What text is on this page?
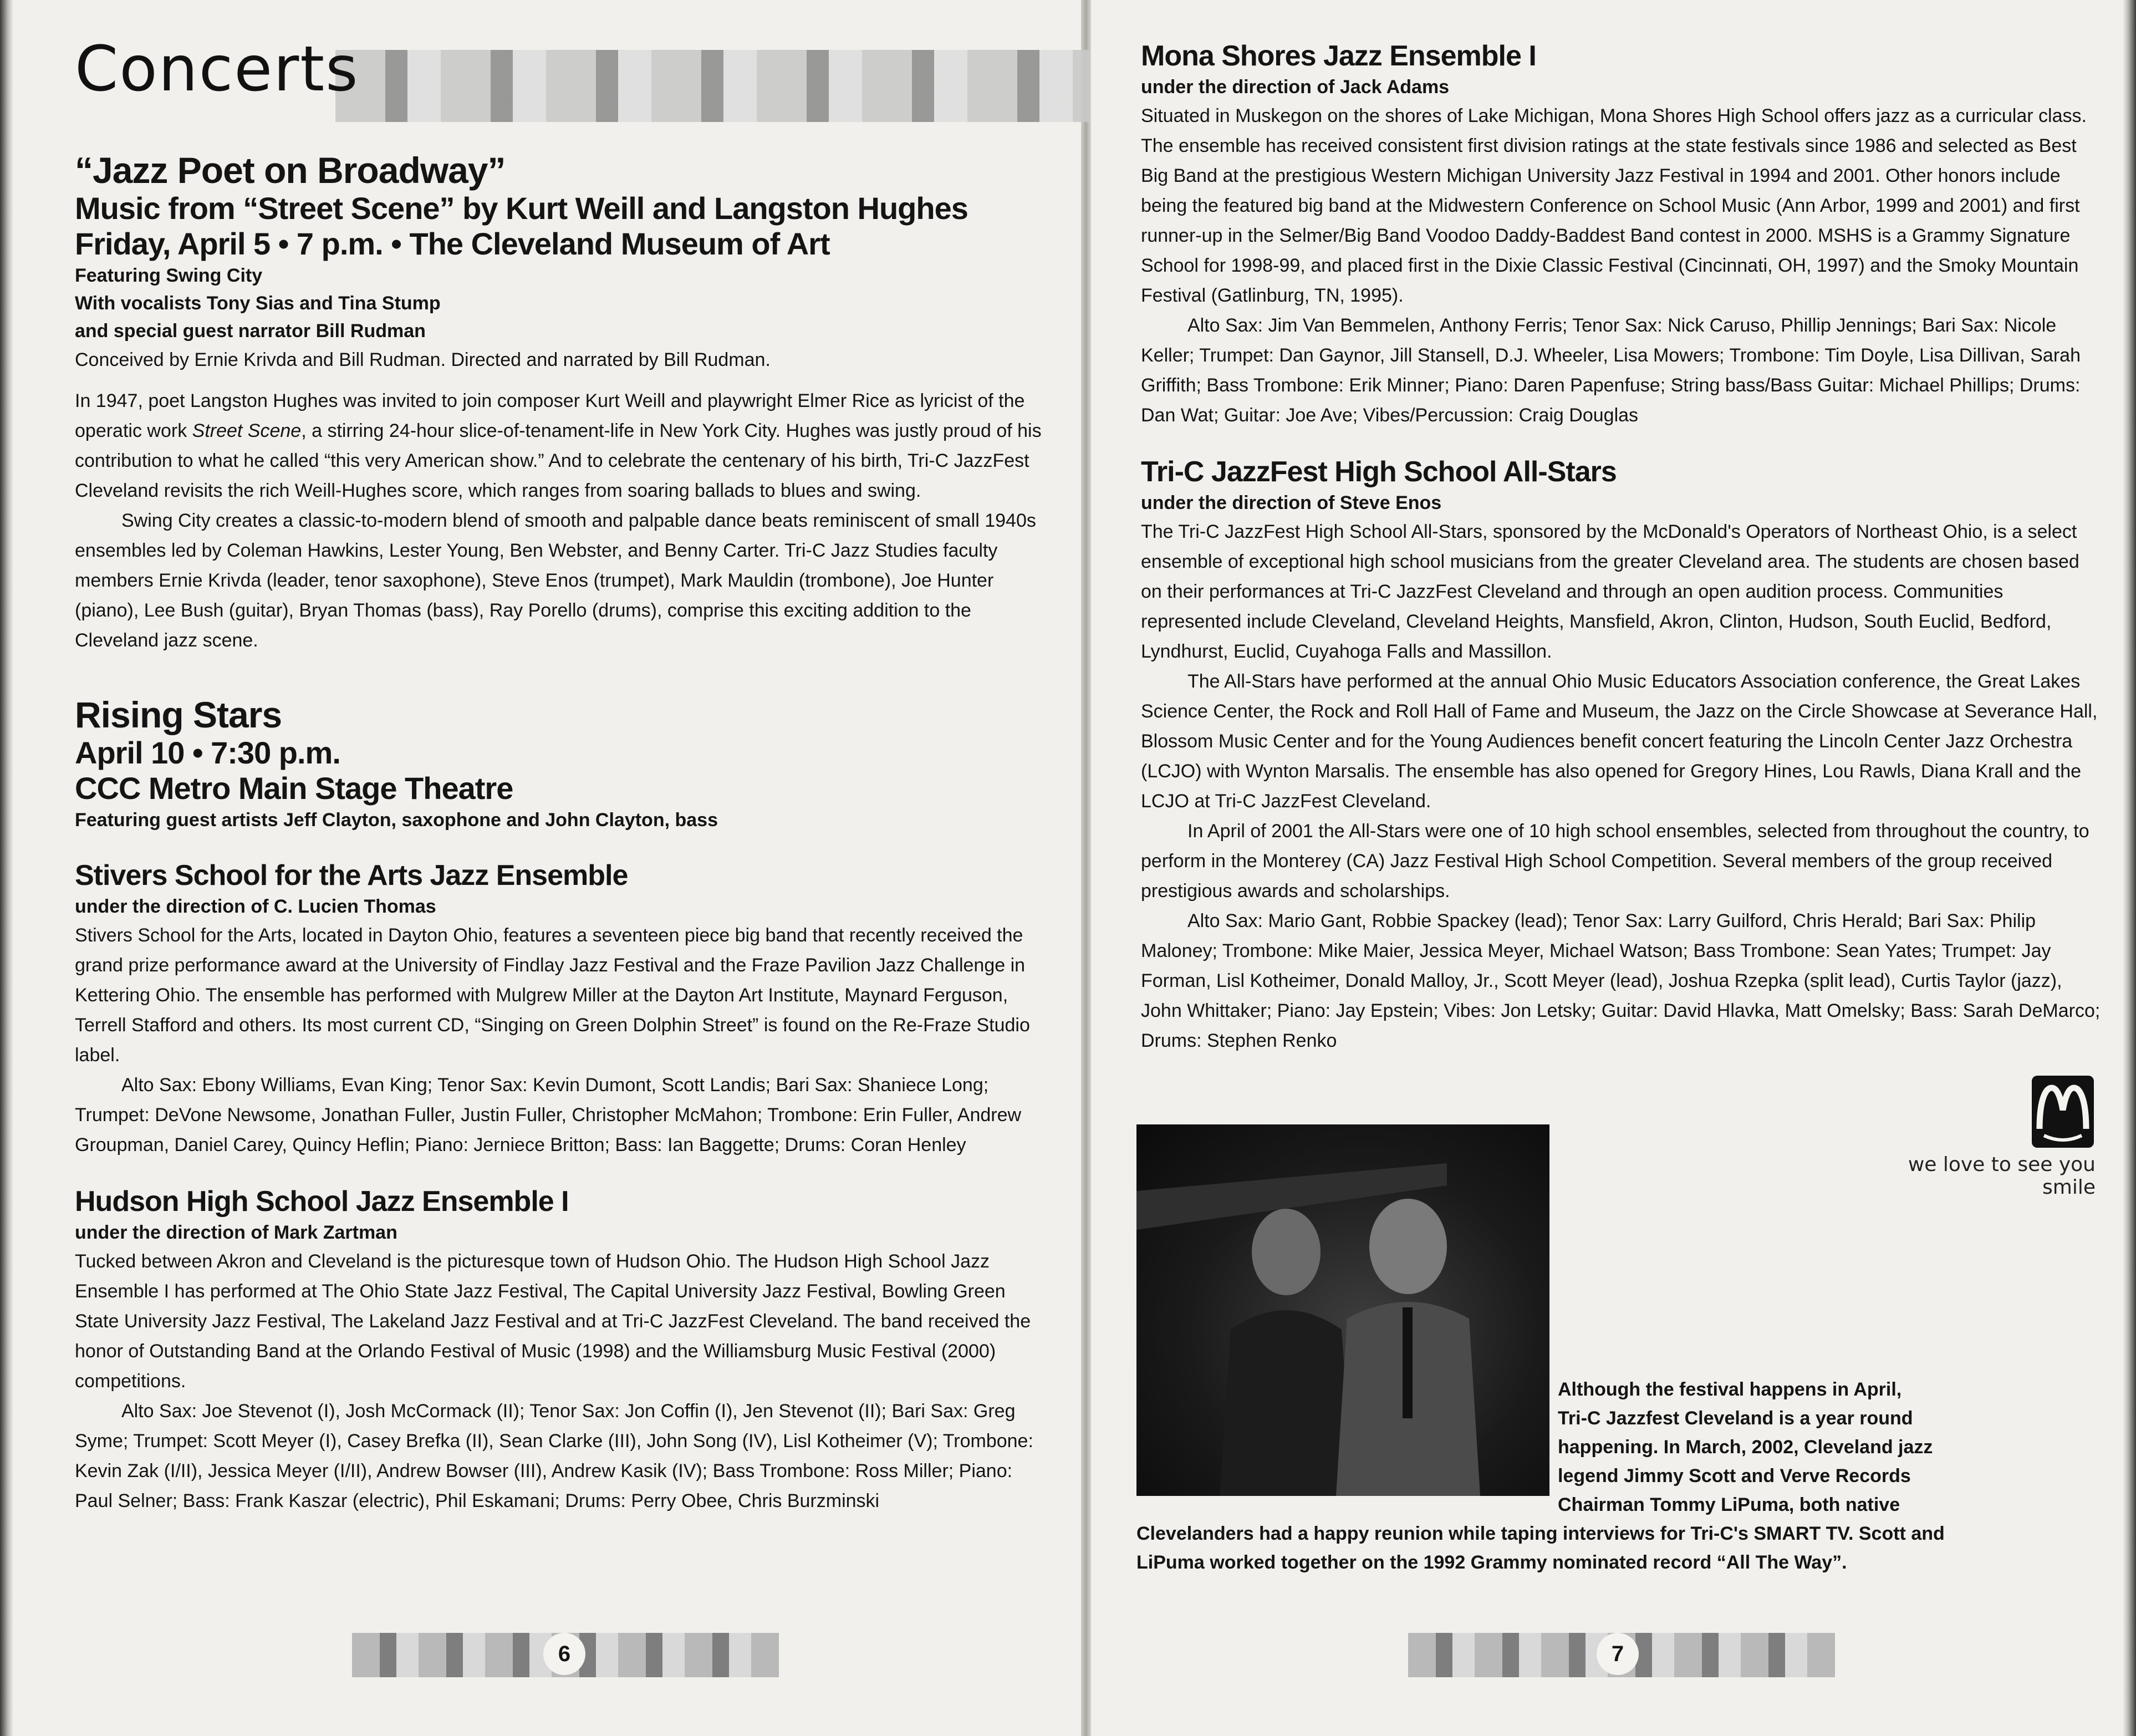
Concerts
“Jazz Poet on Broadway”
Music from “Street Scene” by Kurt Weill and Langston Hughes
Friday, April 5 • 7 p.m. • The Cleveland Museum of Art

Featuring Swing City

With vocalists Tony Sias and Tina Stump

and special guest narrator Bill Rudman

Conceived by Ernie Krivda and Bill Rudman. Directed and narrated by Bill Rudman.

In 1947, poet Langston Hughes was invited to join composer Kurt Weill and playwright Elmer Rice as lyricist of the operatic work Street Scene, a stirring 24-hour slice-of-tenament-life in New York City. Hughes was justly proud of his contribution to what he called “this very American show.” And to celebrate the centenary of his birth, Tri-C JazzFest Cleveland revisits the rich Weill-Hughes score, which ranges from soaring ballads to blues and swing.

Swing City creates a classic-to-modern blend of smooth and palpable dance beats reminiscent of small 1940s ensembles led by Coleman Hawkins, Lester Young, Ben Webster, and Benny Carter. Tri-C Jazz Studies faculty members Ernie Krivda (leader, tenor saxophone), Steve Enos (trumpet), Mark Mauldin (trombone), Joe Hunter (piano), Lee Bush (guitar), Bryan Thomas (bass), Ray Porello (drums), comprise this exciting addition to the Cleveland jazz scene.

Rising Stars
April 10 • 7:30 p.m.
CCC Metro Main Stage Theatre

Featuring guest artists Jeff Clayton, saxophone and John Clayton, bass

Stivers School for the Arts Jazz Ensemble

under the direction of C. Lucien Thomas

Stivers School for the Arts, located in Dayton Ohio, features a seventeen piece big band that recently received the grand prize performance award at the University of Findlay Jazz Festival and the Fraze Pavilion Jazz Challenge in Kettering Ohio. The ensemble has performed with Mulgrew Miller at the Dayton Art Institute, Maynard Ferguson, Terrell Stafford and others. Its most current CD, “Singing on Green Dolphin Street” is found on the Re-Fraze Studio label.

Alto Sax: Ebony Williams, Evan King; Tenor Sax: Kevin Dumont, Scott Landis; Bari Sax: Shaniece Long; Trumpet: DeVone Newsome, Jonathan Fuller, Justin Fuller, Christopher McMahon; Trombone: Erin Fuller, Andrew Groupman, Daniel Carey, Quincy Heflin; Piano: Jerniece Britton; Bass: Ian Baggette; Drums: Coran Henley

Hudson High School Jazz Ensemble I

under the direction of Mark Zartman

Tucked between Akron and Cleveland is the picturesque town of Hudson Ohio. The Hudson High School Jazz Ensemble I has performed at The Ohio State Jazz Festival, The Capital University Jazz Festival, Bowling Green State University Jazz Festival, The Lakeland Jazz Festival and at Tri-C JazzFest Cleveland. The band received the honor of Outstanding Band at the Orlando Festival of Music (1998) and the Williamsburg Music Festival (2000) competitions.

Alto Sax: Joe Stevenot (I), Josh McCormack (II); Tenor Sax: Jon Coffin (I), Jen Stevenot (II); Bari Sax: Greg Syme; Trumpet: Scott Meyer (I), Casey Brefka (II), Sean Clarke (III), John Song (IV), Lisl Kotheimer (V); Trombone: Kevin Zak (I/II), Jessica Meyer (I/II), Andrew Bowser (III), Andrew Kasik (IV); Bass Trombone: Ross Miller; Piano: Paul Selner; Bass: Frank Kaszar (electric), Phil Eskamani; Drums: Perry Obee, Chris Burzminski

6
Mona Shores Jazz Ensemble I

under the direction of Jack Adams

Situated in Muskegon on the shores of Lake Michigan, Mona Shores High School offers jazz as a curricular class. The ensemble has received consistent first division ratings at the state festivals since 1986 and selected as Best Big Band at the prestigious Western Michigan University Jazz Festival in 1994 and 2001. Other honors include being the featured big band at the Midwestern Conference on School Music (Ann Arbor, 1999 and 2001) and first runner-up in the Selmer/Big Band Voodoo Daddy-Baddest Band contest in 2000. MSHS is a Grammy Signature School for 1998-99, and placed first in the Dixie Classic Festival (Cincinnati, OH, 1997) and the Smoky Mountain Festival (Gatlinburg, TN, 1995).

Alto Sax: Jim Van Bemmelen, Anthony Ferris; Tenor Sax: Nick Caruso, Phillip Jennings; Bari Sax: Nicole Keller; Trumpet: Dan Gaynor, Jill Stansell, D.J. Wheeler, Lisa Mowers; Trombone: Tim Doyle, Lisa Dillivan, Sarah Griffith; Bass Trombone: Erik Minner; Piano: Daren Papenfuse; String bass/Bass Guitar: Michael Phillips; Drums: Dan Wat; Guitar: Joe Ave; Vibes/Percussion: Craig Douglas

Tri-C JazzFest High School All-Stars

under the direction of Steve Enos

The Tri-C JazzFest High School All-Stars, sponsored by the McDonald's Operators of Northeast Ohio, is a select ensemble of exceptional high school musicians from the greater Cleveland area. The students are chosen based on their performances at Tri-C JazzFest Cleveland and through an open audition process. Communities represented include Cleveland, Cleveland Heights, Mansfield, Akron, Clinton, Hudson, South Euclid, Bedford, Lyndhurst, Euclid, Cuyahoga Falls and Massillon.

The All-Stars have performed at the annual Ohio Music Educators Association conference, the Great Lakes Science Center, the Rock and Roll Hall of Fame and Museum, the Jazz on the Circle Showcase at Severance Hall, Blossom Music Center and for the Young Audiences benefit concert featuring the Lincoln Center Jazz Orchestra (LCJO) with Wynton Marsalis. The ensemble has also opened for Gregory Hines, Lou Rawls, Diana Krall and the LCJO at Tri-C JazzFest Cleveland.

In April of 2001 the All-Stars were one of 10 high school ensembles, selected from throughout the country, to perform in the Monterey (CA) Jazz Festival High School Competition. Several members of the group received prestigious awards and scholarships.

Alto Sax: Mario Gant, Robbie Spackey (lead); Tenor Sax: Larry Guilford, Chris Herald; Bari Sax: Philip Maloney; Trombone: Mike Maier, Jessica Meyer, Michael Watson; Bass Trombone: Sean Yates; Trumpet: Jay Forman, Lisl Kotheimer, Donald Malloy, Jr., Scott Meyer (lead), Joshua Rzepka (split lead), Curtis Taylor (jazz), John Whittaker; Piano: Jay Epstein; Vibes: Jon Letsky; Guitar: David Hlavka, Matt Omelsky; Bass: Sarah DeMarco; Drums: Stephen Renko

we love to see you smile
Although the festival happens in April,
Tri-C Jazzfest Cleveland is a year round
happening. In March, 2002, Cleveland jazz
legend Jimmy Scott and Verve Records
Chairman Tommy LiPuma, both native
Clevelanders had a happy reunion while taping interviews for Tri-C's SMART TV. Scott and
LiPuma worked together on the 1992 Grammy nominated record “All The Way”.
7
